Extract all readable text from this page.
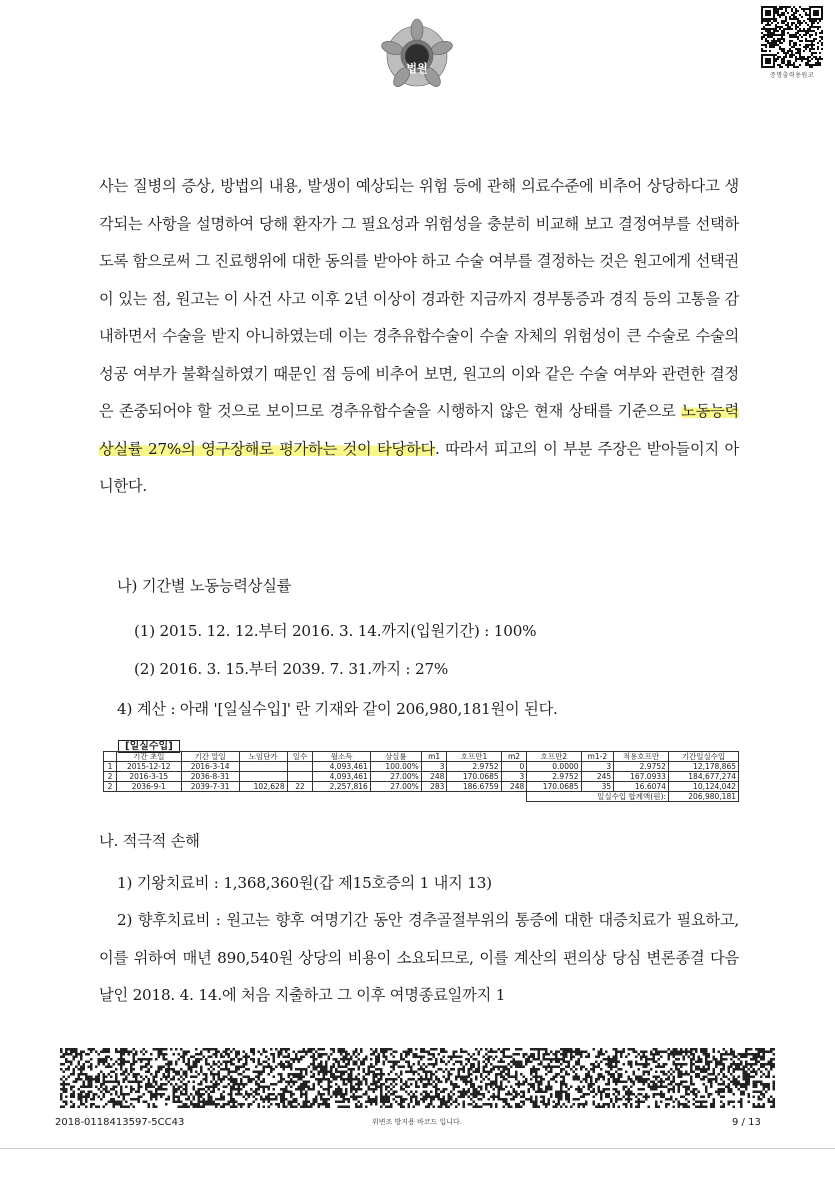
법원
증명출력용원코

사는 질병의 증상, 방법의 내용, 발생이 예상되는 위험 등에 관해 의료수준에 비추어 상당하다고 생각되는 사항을 설명하여 당해 환자가 그 필요성과 위험성을 충분히 비교해 보고 결정여부를 선택하도록 함으로써 그 진료행위에 대한 동의를 받아야 하고 수술 여부를 결정하는 것은 원고에게 선택권이 있는 점, 원고는 이 사건 사고 이후 2년 이상이 경과한 지금까지 경부통증과 경직 등의 고통을 감내하면서 수술을 받지 아니하였는데 이는 경추유합수술이 수술 자체의 위험성이 큰 수술로 수술의 성공 여부가 불확실하였기 때문인 점 등에 비추어 보면, 원고의 이와 같은 수술 여부와 관련한 결정은 존중되어야 할 것으로 보이므로 경추유합수술을 시행하지 않은 현재 상태를 기준으로 노동능력상실률 27%의 영구장해로 평가하는 것이 타당하다. 따라서 피고의 이 부분 주장은 받아들이지 아니한다.

나) 기간별 노동능력상실률
(1) 2015. 12. 12.부터 2016. 3. 14.까지(입원기간) : 100%
(2) 2016. 3. 15.부터 2039. 7. 31.까지 : 27%
4) 계산 : 아래 '[일실수입]' 란 기재와 같이 206,980,181원이 된다.
[일실수입]
	기간 초일	기간 말일	노임단가	일수	월소득	상실률	m1	호프만1	m2	호프만2	m1-2	적용호프만	기간일실수입
1	2015-12-12	2016-3-14			4,093,461	100.00%	3	2.9752	0	0.0000	3	2.9752	12,178,865
2	2016-3-15	2036-8-31			4,093,461	27.00%	248	170.0685	3	2.9752	245	167.0933	184,677,274
2	2036-9-1	2039-7-31	102,628	22	2,257,816	27.00%	283	186.6759	248	170.0685	35	16.6074	10,124,042
										일실수입 합계액(원):			206,980,181
나. 적극적 손해
1) 기왕치료비 : 1,368,360원(갑 제15호증의 1 내지 13)

2) 향후치료비 : 원고는 향후 여명기간 동안 경추골절부위의 통증에 대한 대증치료가 필요하고, 이를 위하여 매년 890,540원 상당의 비용이 소요되므로, 이를 계산의 편의상 당심 변론종결 다음날인 2018. 4. 14.에 처음 지출하고 그 이후 여명종료일까지 1

2018-0118413597-5CC43	위변조 방지용 바코드 입니다.	9 / 13
